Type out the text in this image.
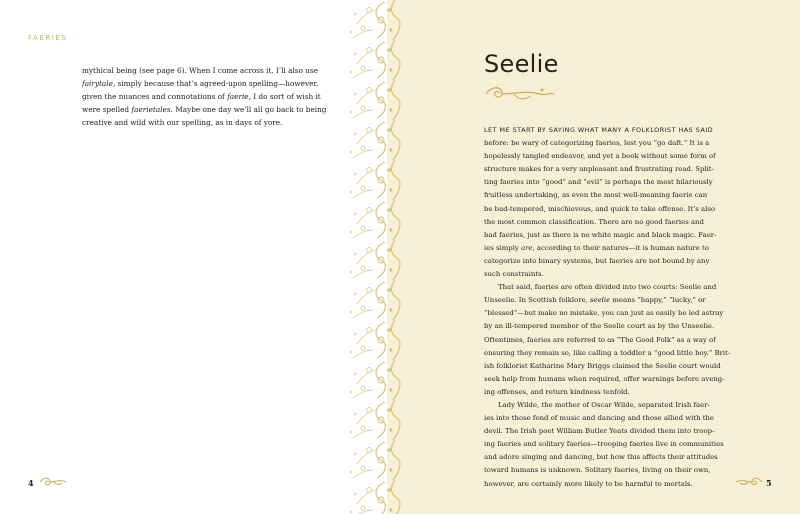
FAERIES
mythical being (see page 6). When I come across it, I’ll also use
fairytale, simply because that’s agreed-upon spelling—however,
given the nuances and connotations of faerie, I do sort of wish it
were spelled faerietales. Maybe one day we’ll all go back to being
creative and wild with our spelling, as in days of yore.
4
Seelie
LET ME START BY SAYING WHAT MANY A FOLKLORIST HAS SAID
before: be wary of categorizing faeries, lest you “go daft.” It is a
hopelessly tangled endeavor, and yet a book without some form of
structure makes for a very unpleasant and frustrating read. Split-
ting faeries into “good” and “evil” is perhaps the most hilariously
fruitless undertaking, as even the most well-meaning faerie can
be bad-tempered, mischievous, and quick to take offense. It’s also
the most common classification. There are no good faeries and
bad faeries, just as there is no white magic and black magic. Faer-
ies simply are, according to their natures—it is human nature to
categorize into binary systems, but faeries are not bound by any
such constraints.
That said, faeries are often divided into two courts: Seelie and
Unseelie. In Scottish folklore, seelie means “happy,” “lucky,” or
“blessed”—but make no mistake, you can just as easily be led astray
by an ill-tempered member of the Seelie court as by the Unseelie.
Oftentimes, faeries are referred to as “The Good Folk” as a way of
ensuring they remain so, like calling a toddler a “good little boy.” Brit-
ish folklorist Katharine Mary Briggs claimed the Seelie court would
seek help from humans when required, offer warnings before aveng-
ing offenses, and return kindness tenfold.
Lady Wilde, the mother of Oscar Wilde, separated Irish faer-
ies into those fond of music and dancing and those allied with the
devil. The Irish poet William Butler Yeats divided them into troop-
ing faeries and solitary faeries—trooping faeries live in communities
and adore singing and dancing, but how this affects their attitudes
toward humans is unknown. Solitary faeries, living on their own,
however, are certainly more likely to be harmful to mortals.	5
